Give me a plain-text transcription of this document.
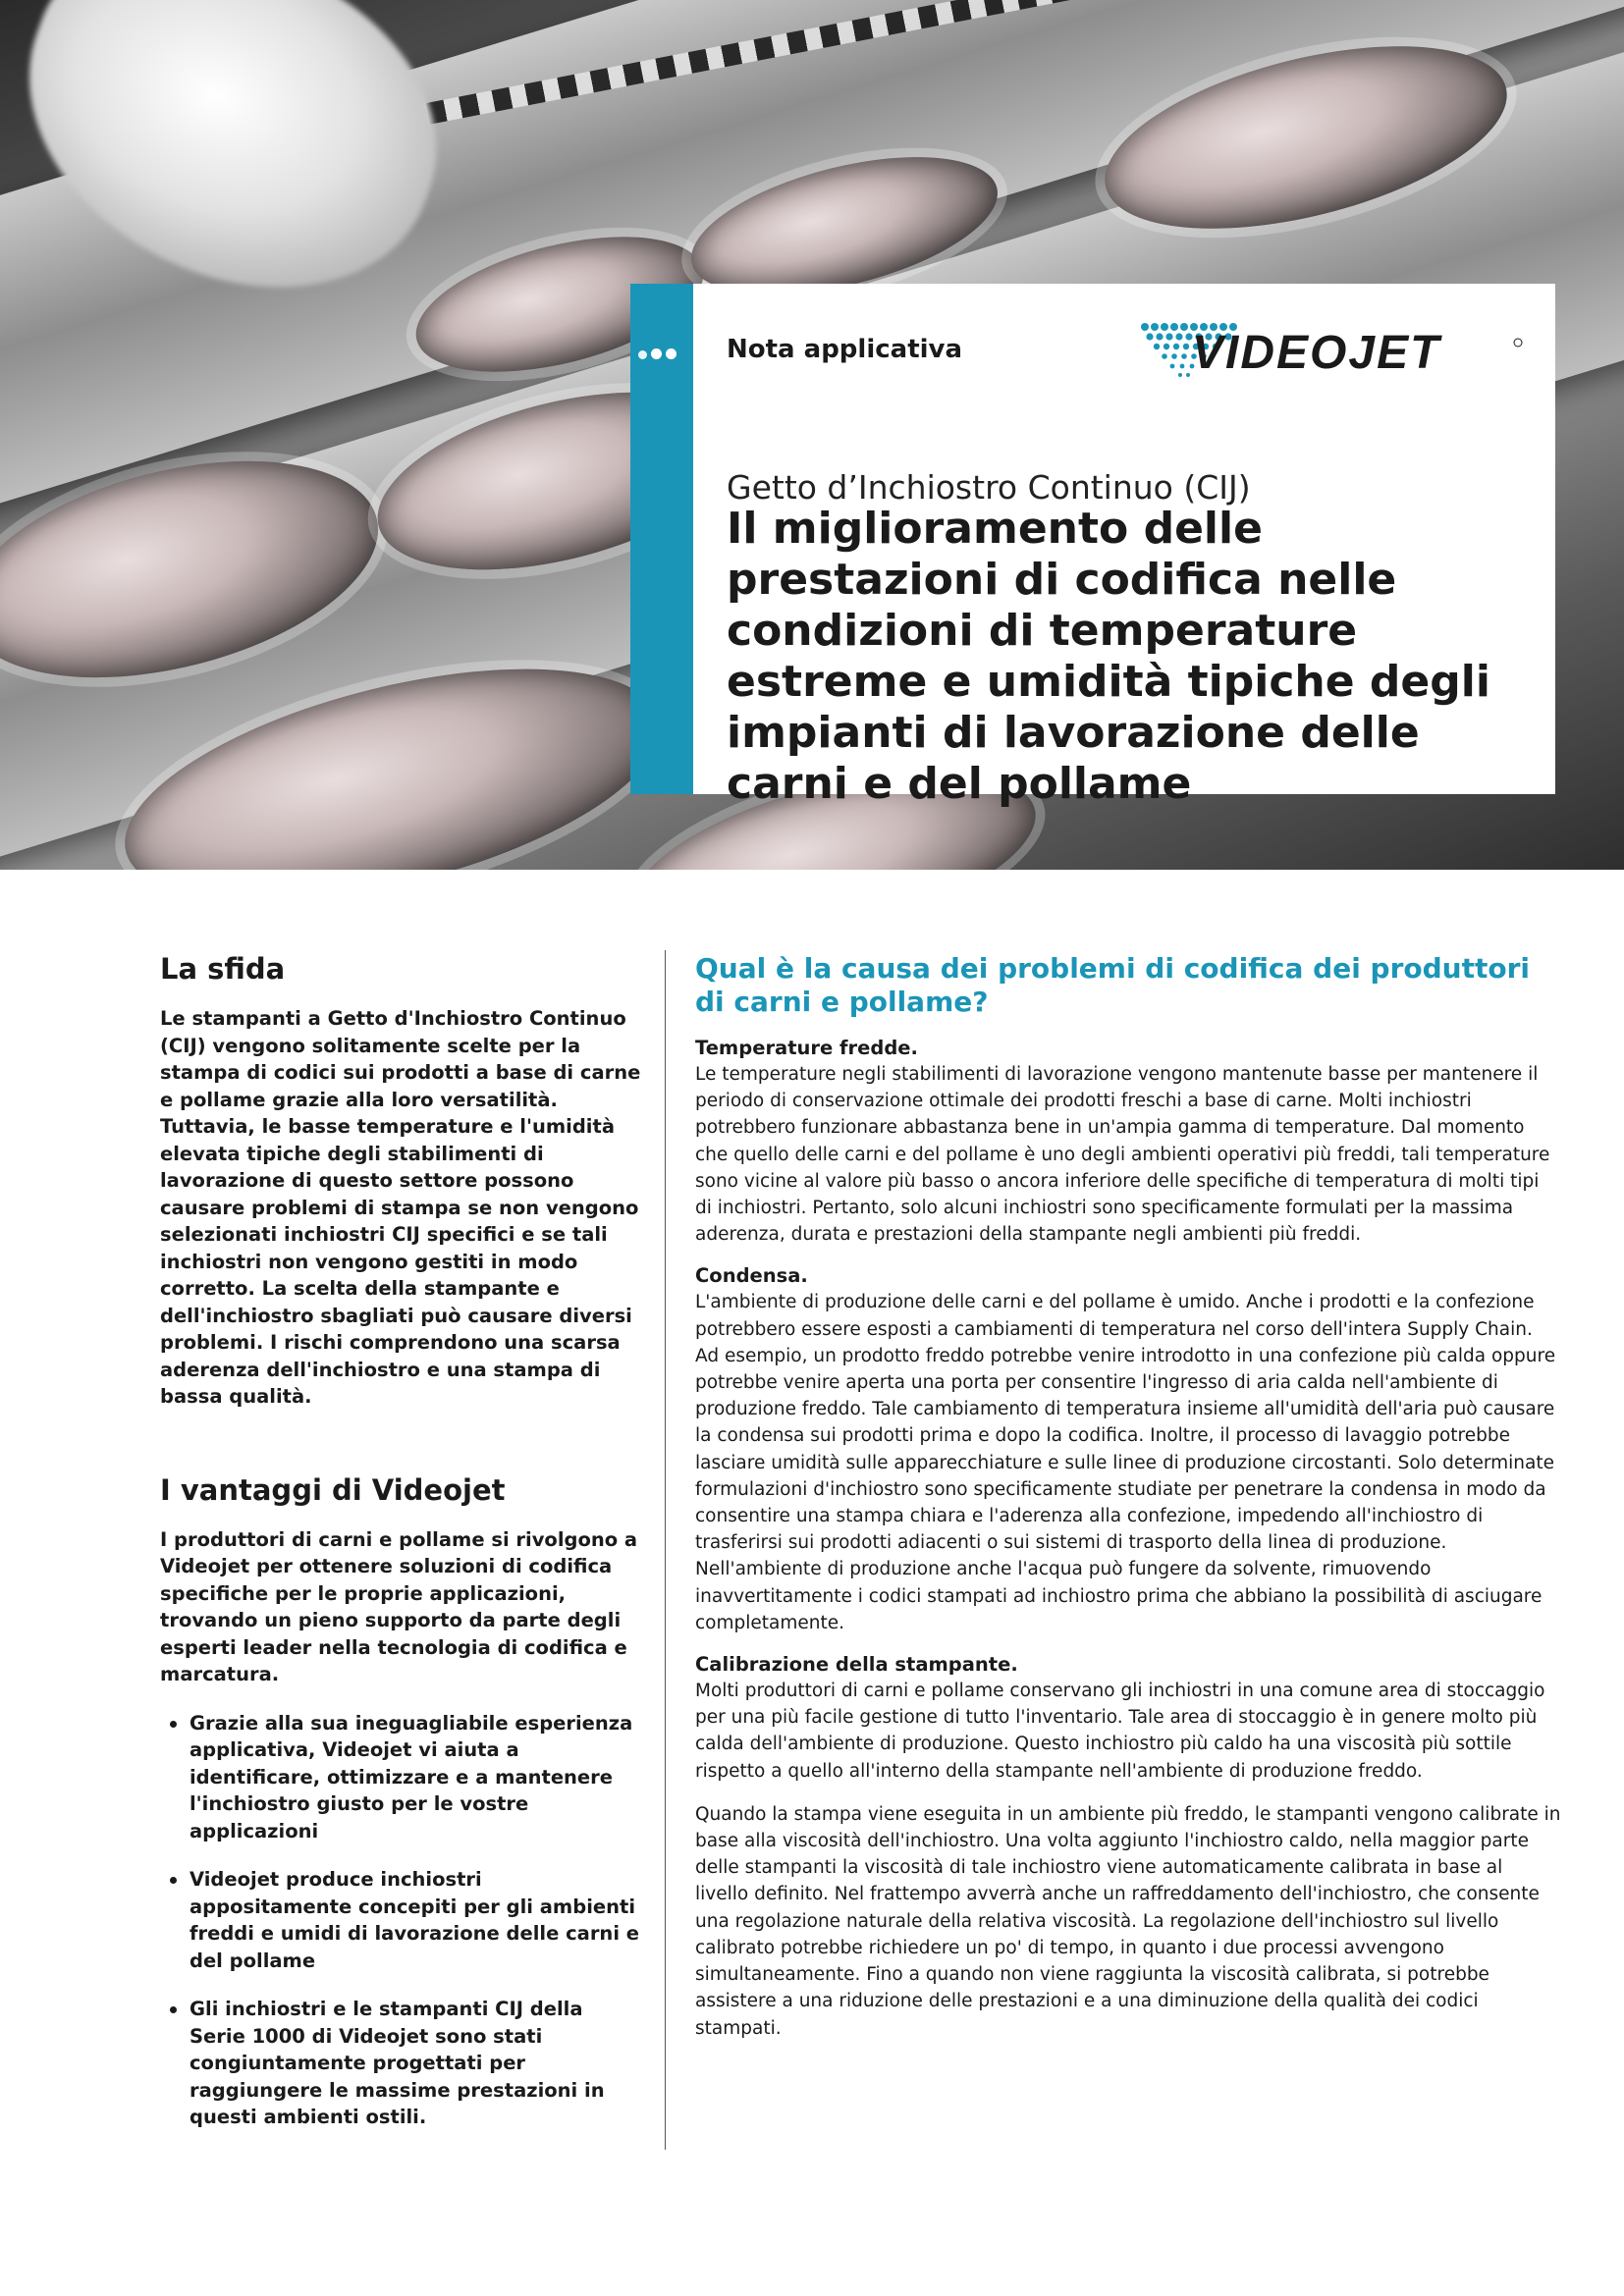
Nota applicativa	VIDEOJET
Getto d’Inchiostro Continuo (CIJ)
Il miglioramento delle prestazioni di codifica nelle condizioni di temperature estreme e umidità tipiche degli impianti di lavorazione delle carni e del pollame
La sfida

Le stampanti a Getto d'Inchiostro Continuo (CIJ) vengono solitamente scelte per la stampa di codici sui prodotti a base di carne e pollame grazie alla loro versatilità. Tuttavia, le basse temperature e l'umidità elevata tipiche degli stabilimenti di lavorazione di questo settore possono causare problemi di stampa se non vengono selezionati inchiostri CIJ specifici e se tali inchiostri non vengono gestiti in modo corretto. La scelta della stampante e dell'inchiostro sbagliati può causare diversi problemi. I rischi comprendono una scarsa aderenza dell'inchiostro e una stampa di bassa qualità.

I vantaggi di Videojet

I produttori di carni e pollame si rivolgono a Videojet per ottenere soluzioni di codifica specifiche per le proprie applicazioni, trovando un pieno supporto da parte degli esperti leader nella tecnologia di codifica e marcatura.

Grazie alla sua ineguagliabile esperienza applicativa, Videojet vi aiuta a identificare, ottimizzare e a mantenere l'inchiostro giusto per le vostre applicazioni
Videojet produce inchiostri appositamente concepiti per gli ambienti freddi e umidi di lavorazione delle carni e del pollame
Gli inchiostri e le stampanti CIJ della Serie 1000 di Videojet sono stati congiuntamente progettati per raggiungere le massime prestazioni in questi ambienti ostili.
Qual è la causa dei problemi di codifica dei produttori di carni e pollame?
Temperature fredde.

Le temperature negli stabilimenti di lavorazione vengono mantenute basse per mantenere il periodo di conservazione ottimale dei prodotti freschi a base di carne. Molti inchiostri potrebbero funzionare abbastanza bene in un'ampia gamma di temperature. Dal momento che quello delle carni e del pollame è uno degli ambienti operativi più freddi, tali temperature sono vicine al valore più basso o ancora inferiore delle specifiche di temperatura di molti tipi di inchiostri. Pertanto, solo alcuni inchiostri sono specificamente formulati per la massima aderenza, durata e prestazioni della stampante negli ambienti più freddi.

Condensa.

L'ambiente di produzione delle carni e del pollame è umido. Anche i prodotti e la confezione potrebbero essere esposti a cambiamenti di temperatura nel corso dell'intera Supply Chain. Ad esempio, un prodotto freddo potrebbe venire introdotto in una confezione più calda oppure potrebbe venire aperta una porta per consentire l'ingresso di aria calda nell'ambiente di produzione freddo. Tale cambiamento di temperatura insieme all'umidità dell'aria può causare la condensa sui prodotti prima e dopo la codifica. Inoltre, il processo di lavaggio potrebbe lasciare umidità sulle apparecchiature e sulle linee di produzione circostanti. Solo determinate formulazioni d'inchiostro sono specificamente studiate per penetrare la condensa in modo da consentire una stampa chiara e l'aderenza alla confezione, impedendo all'inchiostro di trasferirsi sui prodotti adiacenti o sui sistemi di trasporto della linea di produzione. Nell'ambiente di produzione anche l'acqua può fungere da solvente, rimuovendo inavvertitamente i codici stampati ad inchiostro prima che abbiano la possibilità di asciugare completamente.

Calibrazione della stampante.

Molti produttori di carni e pollame conservano gli inchiostri in una comune area di stoccaggio per una più facile gestione di tutto l'inventario. Tale area di stoccaggio è in genere molto più calda dell'ambiente di produzione. Questo inchiostro più caldo ha una viscosità più sottile rispetto a quello all'interno della stampante nell'ambiente di produzione freddo.

Quando la stampa viene eseguita in un ambiente più freddo, le stampanti vengono calibrate in base alla viscosità dell'inchiostro. Una volta aggiunto l'inchiostro caldo, nella maggior parte delle stampanti la viscosità di tale inchiostro viene automaticamente calibrata in base al livello definito. Nel frattempo avverrà anche un raffreddamento dell'inchiostro, che consente una regolazione naturale della relativa viscosità. La regolazione dell'inchiostro sul livello calibrato potrebbe richiedere un po' di tempo, in quanto i due processi avvengono simultaneamente. Fino a quando non viene raggiunta la viscosità calibrata, si potrebbe assistere a una riduzione delle prestazioni e a una diminuzione della qualità dei codici stampati.
